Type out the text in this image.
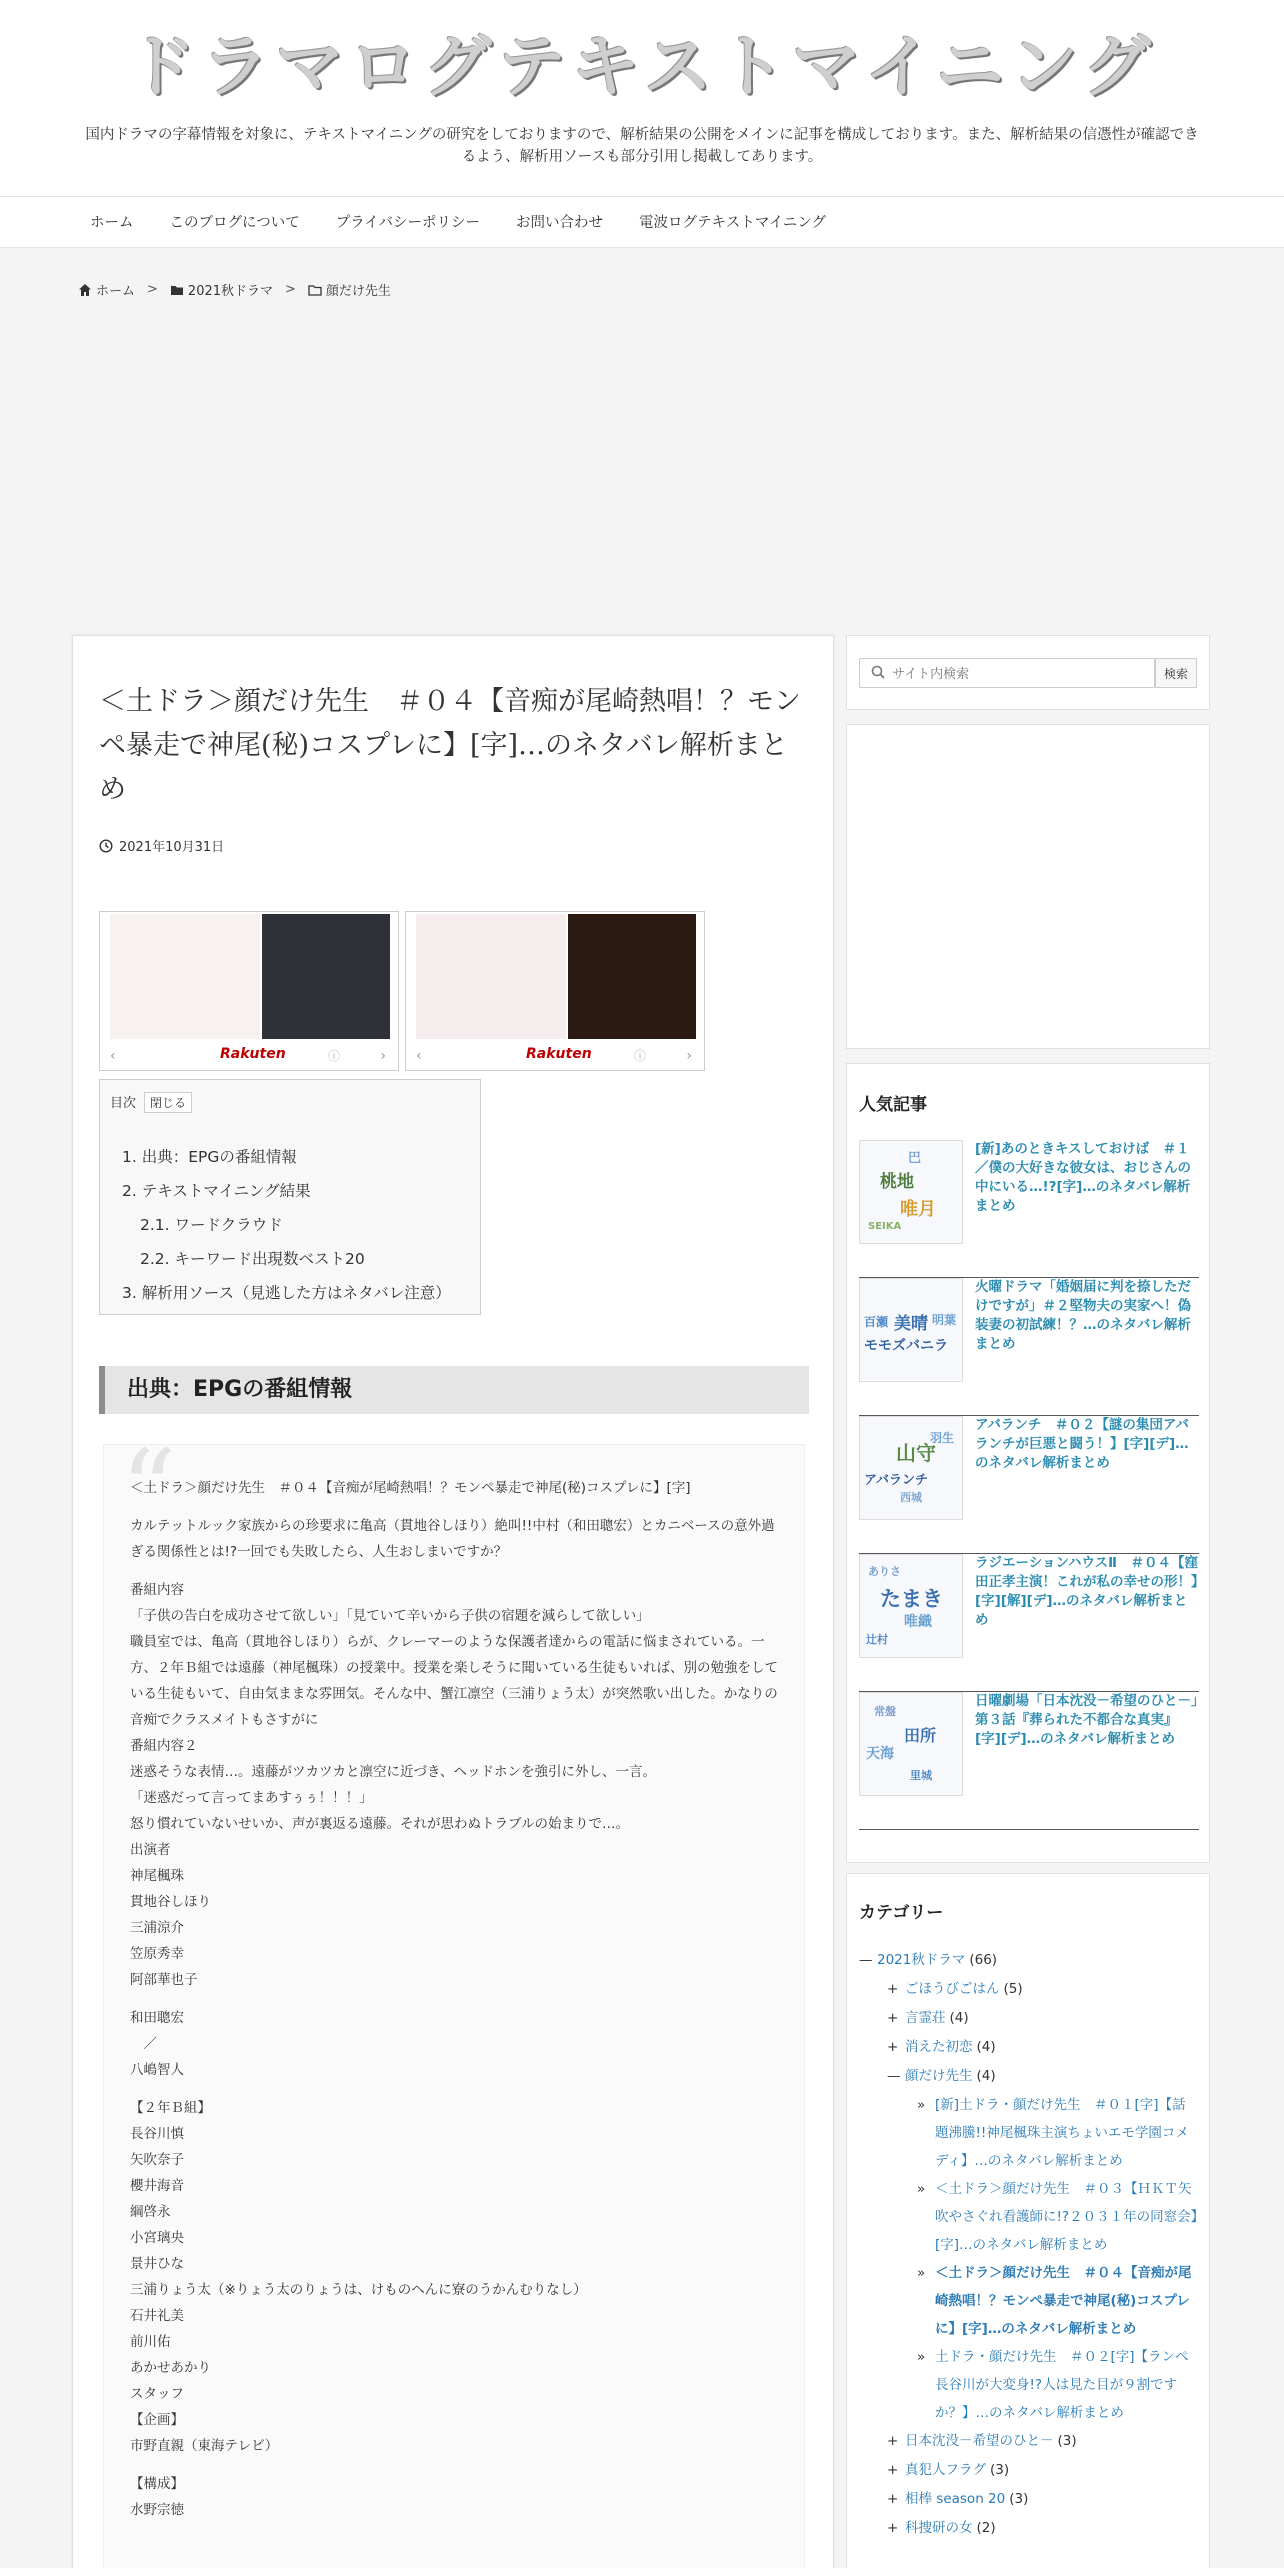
ドラマログテキストマイニング

国内ドラマの字幕情報を対象に、テキストマイニングの研究をしておりますので、解析結果の公開をメインに記事を構成しております。また、解析結果の信憑性が確認できるよう、解析用ソースも部分引用し掲載してあります。

ホーム	このブログについて	プライバシーポリシー	お問い合わせ	電波ログテキストマイニング
ホーム > 2021秋ドラマ > 顔だけ先生
＜土ドラ＞顔だけ先生　＃０４【音痴が尾崎熱唱！？モンペ暴走で神尾(秘)コスプレに】[字]…のネタバレ解析まとめ
2021年10月31日
‹	Rakuten	ⓘ	› ‹	Rakuten	ⓘ	›
目次	閉じる
1. 出典：EPGの番組情報
2. テキストマイニング結果
2.1. ワードクラウド
2.2. キーワード出現数ベスト20
3. 解析用ソース（見逃した方はネタバレ注意）
出典：EPGの番組情報
“

＜土ドラ＞顔だけ先生　＃０４【音痴が尾崎熱唱！？モンペ暴走で神尾(秘)コスプレに】[字]

カルテットルック家族からの珍要求に亀高（貫地谷しほり）絶叫!!中村（和田聰宏）とカニベースの意外過ぎる関係性とは!?一回でも失敗したら、人生おしまいですか？

番組内容

「子供の告白を成功させて欲しい」「見ていて辛いから子供の宿題を減らして欲しい」

職員室では、亀高（貫地谷しほり）らが、クレーマーのような保護者達からの電話に悩まされている。一方、２年Ｂ組では遠藤（神尾楓珠）の授業中。授業を楽しそうに聞いている生徒もいれば、別の勉強をしている生徒もいて、自由気ままな雰囲気。そんな中、蟹江凛空（三浦りょう太）が突然歌い出した。かなりの音痴でクラスメイトもさすがに

番組内容２

迷惑そうな表情…。遠藤がツカツカと凛空に近づき、ヘッドホンを強引に外し、一言。

「迷惑だって言ってまあすぅぅ！！！」

怒り慣れていないせいか、声が裏返る遠藤。それが思わぬトラブルの始まりで…。

出演者

神尾楓珠

貫地谷しほり

三浦涼介

笠原秀幸

阿部華也子

和田聰宏

　／

八嶋智人

【２年Ｂ組】

長谷川慎

矢吹奈子

櫻井海音

綱啓永

小宮璃央

景井ひな

三浦りょう太（※りょう太のりょうは、けものへんに寮のうかんむりなし）

石井礼美

前川佑

あかせあかり

スタッフ

【企画】

市野直親（東海テレビ）

【構成】

水野宗徳

サイト内検索
検索
人気記事
桃地
唯月
巴
SEIKA
[新]あのときキスしておけば　＃１／僕の大好きな彼女は、おじさんの中にいる…!?[字]…のネタバレ解析まとめ
美晴 明葉
百瀬
モモズバニラ
火曜ドラマ「婚姻届に判を捺しただけですが」＃２堅物夫の実家へ！偽装妻の初試練！？…のネタバレ解析まとめ
山守
羽生
アバランチ
西城
アバランチ　＃０２【謎の集団アバランチが巨悪と闘う！】[字][デ]…のネタバレ解析まとめ
たまき
唯織
ありさ
辻村
ラジエーションハウスⅡ　＃０４【窪田正孝主演！これが私の幸せの形！】[字][解][デ]…のネタバレ解析まとめ
田所
天海
常盤
里城
日曜劇場「日本沈没－希望のひと－」第３話『葬られた不都合な真実』[字][デ]…のネタバレ解析まとめ
カテゴリー
— 2021秋ドラマ (66)
+ ごほうびごはん (5)
+ 言霊荘 (4)
+ 消えた初恋 (4)
— 顔だけ先生 (4)
» [新]土ドラ・顔だけ先生　＃０１[字]【話題沸騰!!神尾楓珠主演ちょいエモ学園コメディ】…のネタバレ解析まとめ
» ＜土ドラ＞顔だけ先生　＃０３【ＨＫＴ矢吹やさぐれ看護師に!?２０３１年の同窓会】[字]…のネタバレ解析まとめ
» ＜土ドラ＞顔だけ先生　＃０４【音痴が尾崎熱唱！？モンペ暴走で神尾(秘)コスプレに】[字]…のネタバレ解析まとめ
» 土ドラ・顔だけ先生　＃０２[字]【ランペ長谷川が大変身!?人は見た目が９割ですか？】…のネタバレ解析まとめ
+ 日本沈没－希望のひと－ (3)
+ 真犯人フラグ (3)
+ 相棒 season 20 (3)
+ 科捜研の女 (2)
